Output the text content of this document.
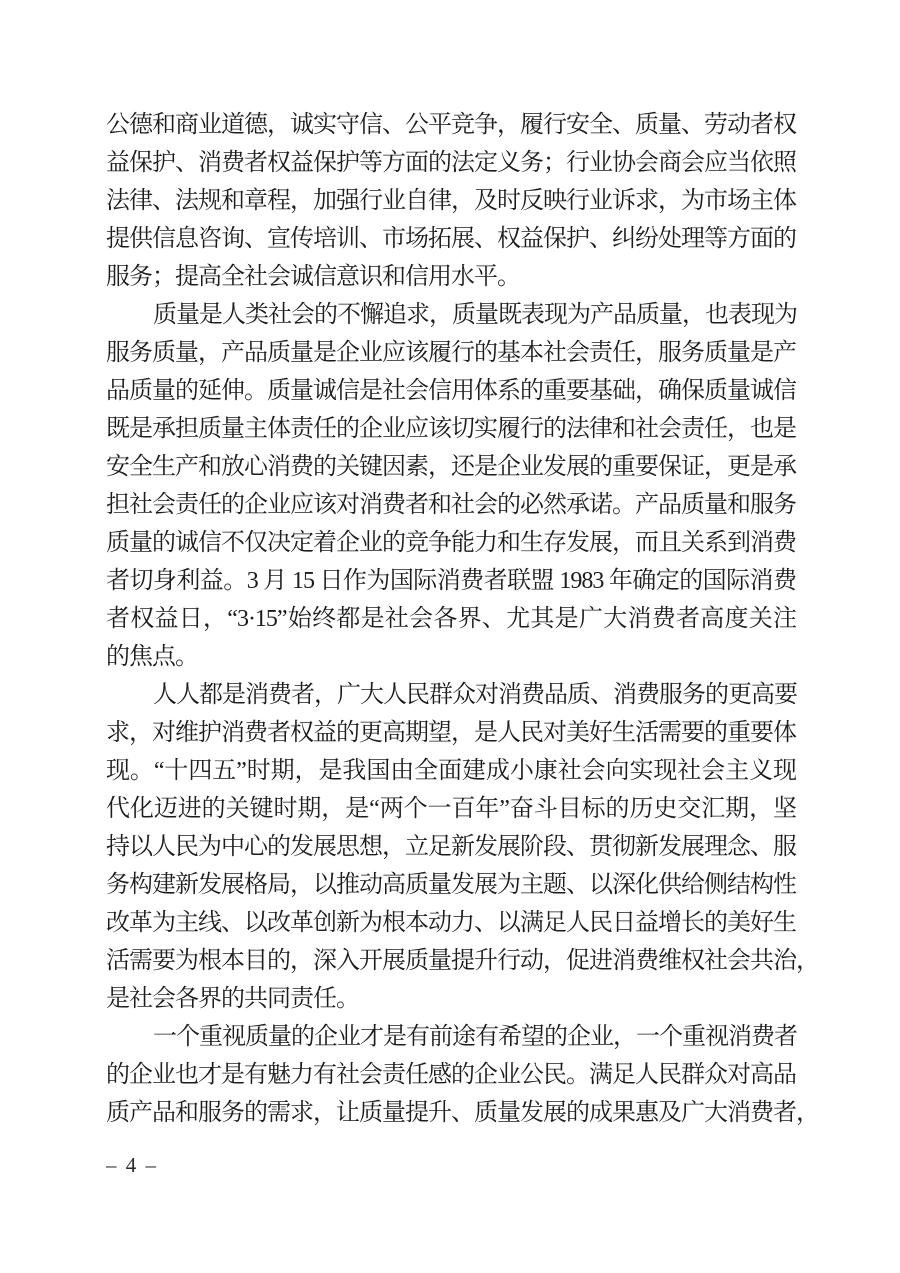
公德和商业道德，诚实守信、公平竞争，履行安全、质量、劳动者权
益保护、消费者权益保护等方面的法定义务；行业协会商会应当依照
法律、法规和章程，加强行业自律，及时反映行业诉求，为市场主体
提供信息咨询、宣传培训、市场拓展、权益保护、纠纷处理等方面的
服务；提高全社会诚信意识和信用水平。
质量是人类社会的不懈追求，质量既表现为产品质量，也表现为
服务质量，产品质量是企业应该履行的基本社会责任，服务质量是产
品质量的延伸。质量诚信是社会信用体系的重要基础，确保质量诚信
既是承担质量主体责任的企业应该切实履行的法律和社会责任，也是
安全生产和放心消费的关键因素，还是企业发展的重要保证，更是承
担社会责任的企业应该对消费者和社会的必然承诺。产品质量和服务
质量的诚信不仅决定着企业的竞争能力和生存发展，而且关系到消费
者切身利益。3 月 15 日作为国际消费者联盟 1983 年确定的国际消费
者权益日，“3·15”始终都是社会各界、尤其是广大消费者高度关注
的焦点。
人人都是消费者，广大人民群众对消费品质、消费服务的更高要
求，对维护消费者权益的更高期望，是人民对美好生活需要的重要体
现。“十四五”时期，是我国由全面建成小康社会向实现社会主义现
代化迈进的关键时期，是“两个一百年”奋斗目标的历史交汇期，坚
持以人民为中心的发展思想，立足新发展阶段、贯彻新发展理念、服
务构建新发展格局，以推动高质量发展为主题、以深化供给侧结构性
改革为主线、以改革创新为根本动力、以满足人民日益增长的美好生
活需要为根本目的，深入开展质量提升行动，促进消费维权社会共治，
是社会各界的共同责任。
一个重视质量的企业才是有前途有希望的企业，一个重视消费者
的企业也才是有魅力有社会责任感的企业公民。满足人民群众对高品
质产品和服务的需求，让质量提升、质量发展的成果惠及广大消费者，
– 4 –
